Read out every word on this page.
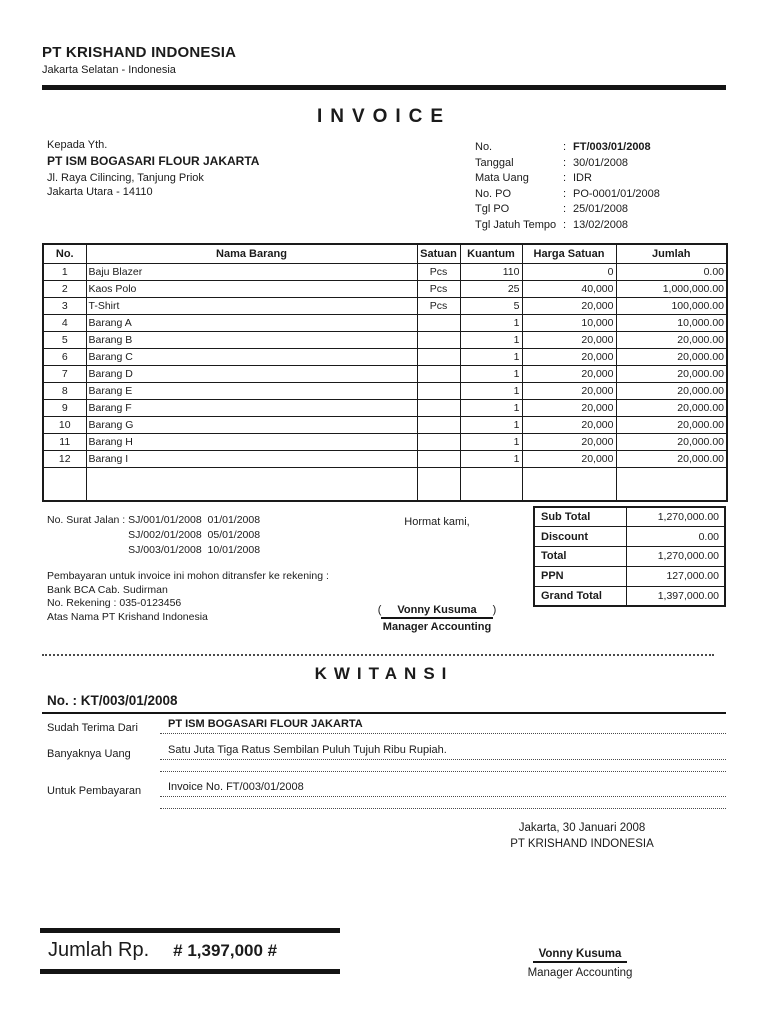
PT KRISHAND INDONESIA
Jakarta Selatan - Indonesia
INVOICE
Kepada Yth.
PT ISM BOGASARI FLOUR JAKARTA
Jl. Raya Cilincing, Tanjung Priok
Jakarta Utara - 14110
No.	: FT/003/01/2008
Tanggal	: 30/01/2008
Mata Uang	: IDR
No. PO	: PO-0001/01/2008
Tgl PO	: 25/01/2008
Tgl Jatuh Tempo : 13/02/2008
No.	Nama Barang	Satuan	Kuantum	Harga Satuan	Jumlah
1	Baju Blazer	Pcs	110	0	0.00
2	Kaos Polo	Pcs	25	40,000	1,000,000.00
3	T-Shirt	Pcs	5	20,000	100,000.00
4	Barang A		1	10,000	10,000.00
5	Barang B		1	20,000	20,000.00
6	Barang C		1	20,000	20,000.00
7	Barang D		1	20,000	20,000.00
8	Barang E		1	20,000	20,000.00
9	Barang F		1	20,000	20,000.00
10	Barang G		1	20,000	20,000.00
11	Barang H		1	20,000	20,000.00
12	Barang I		1	20,000	20,000.00

No. Surat Jalan : SJ/001/01/2008  01/01/2008
SJ/002/01/2008  05/01/2008
SJ/003/01/2008  10/01/2008
Hormat kami,	Sub Total	1,270,000.00
Discount	0.00
Total	1,270,000.00
PPN	127,000.00
Grand Total	1,397,000.00
Pembayaran untuk invoice ini mohon ditransfer ke rekening :
Bank BCA Cab. Sudirman
No. Rekening : 035-0123456
Atas Nama PT Krishand Indonesia
( Vonny Kusuma )
Manager Accounting
KWITANSI
No. : KT/003/01/2008
Sudah Terima Dari	PT ISM BOGASARI FLOUR JAKARTA
Banyaknya Uang	Satu Juta Tiga Ratus Sembilan Puluh Tujuh Ribu Rupiah.
Untuk Pembayaran	Invoice No. FT/003/01/2008
Jakarta, 30 Januari 2008
PT KRISHAND INDONESIA
Jumlah Rp. # 1,397,000 #	Vonny Kusuma
Manager Accounting
